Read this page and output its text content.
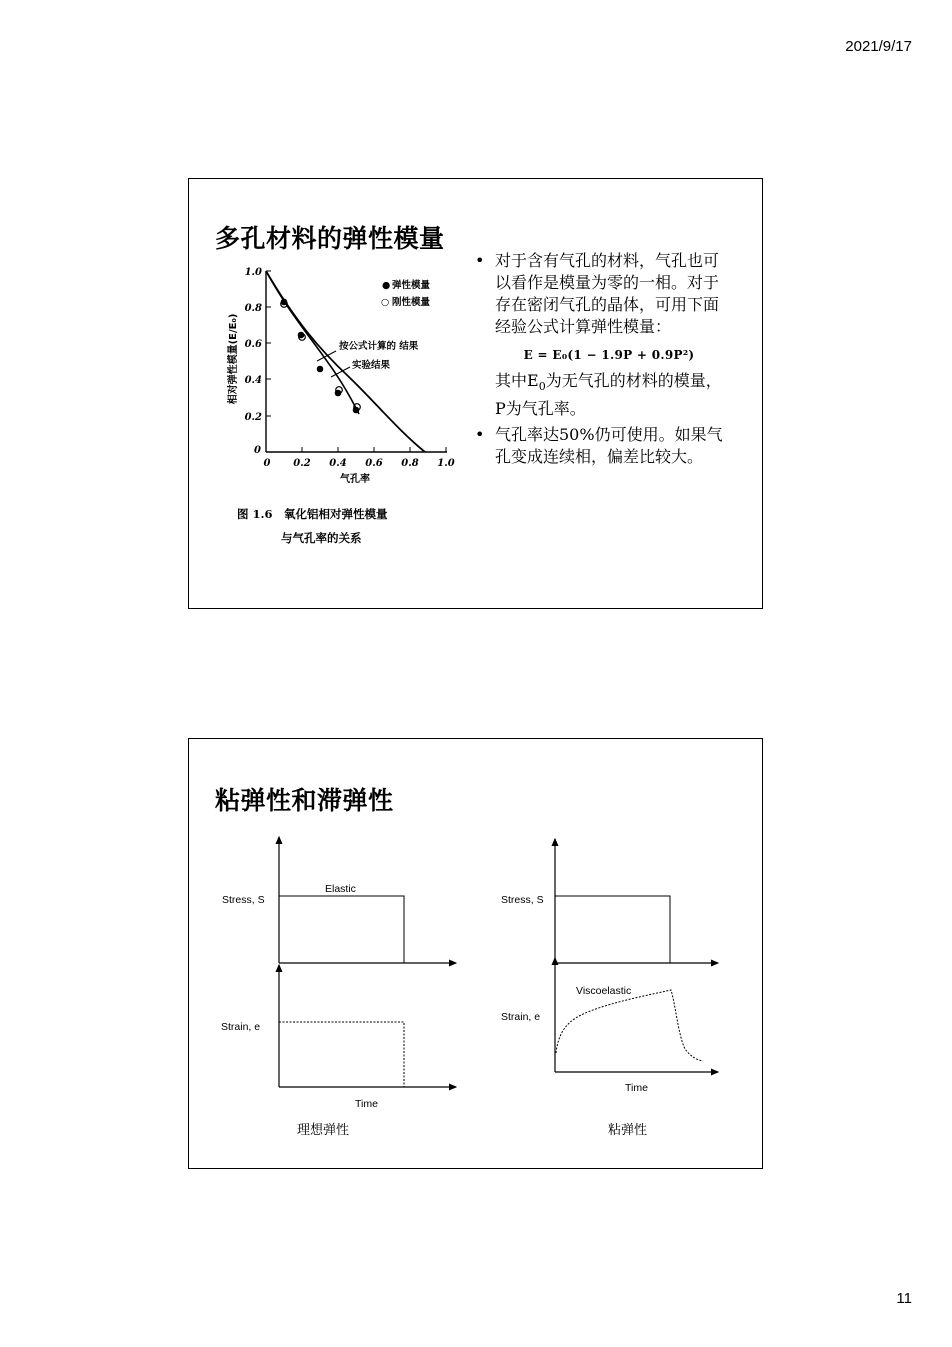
2021/9/17
多孔材料的弹性模量
1.0
0.8
0.6
0.4
0.2
0
0 0.2 0.4 0.6 0.8 1.0
相对弹性模量(E/E₀)
气孔率
● 弹性模量
○ 刚性模量
按公式计算的 结果
实验结果
图 1.6　氧化铝相对弹性模量
与气孔率的关系
• 对于含有气孔的材料，气孔也可以看作是模量为零的一相。对于存在密闭气孔的晶体，可用下面经验公式计算弹性模量：
E = E₀(1 − 1.9P + 0.9P²)
其中$E_0$为无气孔的材料的模量，P为气孔率。
• 气孔率达50%仍可使用。如果气孔变成连续相，偏差比较大。
粘弹性和滞弹性
Stress, S
Elastic
Strain, e
Time
Stress, S
Strain, e
Viscoelastic
Time
理想弹性	粘弹性
11
